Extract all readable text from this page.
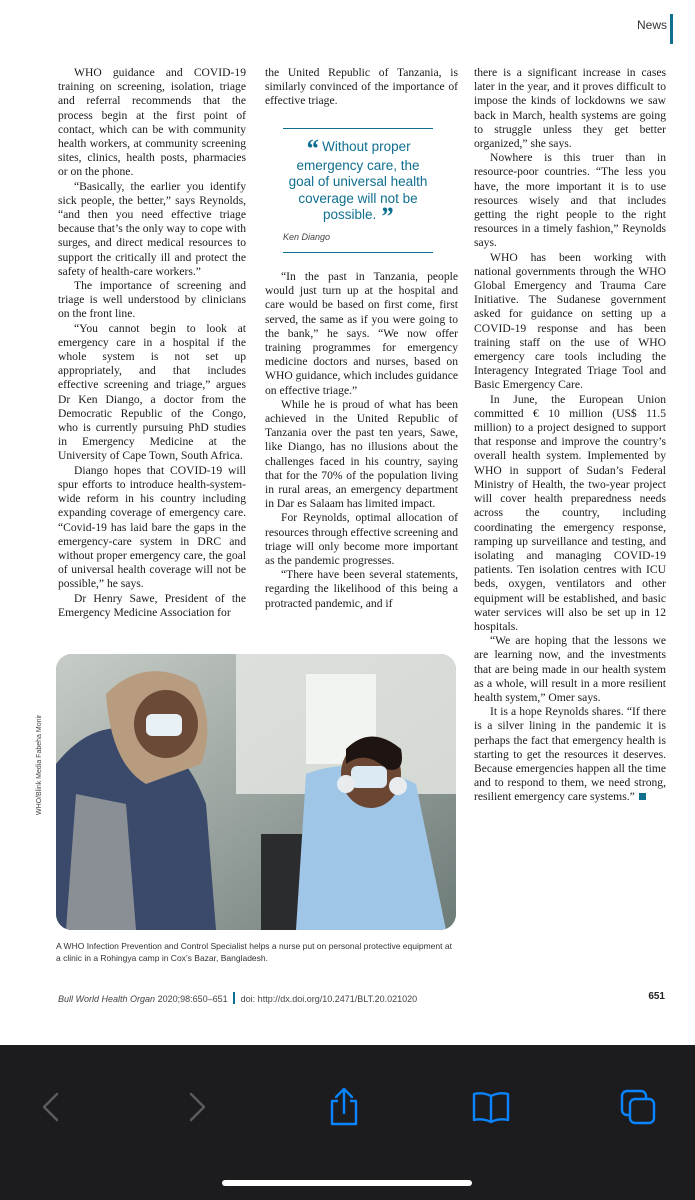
News

WHO guidance and COVID-19 training on screening, isolation, triage and referral recommends that the process begin at the first point of contact, which can be with community health workers, at community screening sites, clinics, health posts, pharmacies or on the phone.

“Basically, the earlier you identify sick people, the better,” says Reynolds, “and then you need effective triage because that’s the only way to cope with surges, and direct medical resources to support the critically ill and protect the safety of health-care workers.”

The importance of screening and triage is well understood by clinicians on the front line.

“You cannot begin to look at emergency care in a hospital if the whole system is not set up appropriately, and that includes effective screening and triage,” argues Dr Ken Diango, a doctor from the Democratic Republic of the Congo, who is currently pursuing PhD studies in Emergency Medicine at the University of Cape Town, South Africa.

Diango hopes that COVID-19 will spur efforts to introduce health-system-wide reform in his country including expanding coverage of emergency care. “Covid-19 has laid bare the gaps in the emergency-care system in DRC and without proper emergency care, the goal of universal health coverage will not be possible,” he says.

Dr Henry Sawe, President of the Emergency Medicine Association for

the United Republic of Tanzania, is similarly convinced of the importance of effective triage.

“ Without proper emergency care, the goal of universal health coverage will not be possible. ”
Ken Diango

“In the past in Tanzania, people would just turn up at the hospital and care would be based on first come, first served, the same as if you were going to the bank,” he says. “We now offer training programmes for emergency medicine doctors and nurses, based on WHO guidance, which includes guidance on effective triage.”

While he is proud of what has been achieved in the United Republic of Tanzania over the past ten years, Sawe, like Diango, has no illusions about the challenges faced in his country, saying that for the 70% of the population living in rural areas, an emergency department in Dar es Salaam has limited impact.

For Reynolds, optimal allocation of resources through effective screening and triage will only become more important as the pandemic progresses.

“There have been several statements, regarding the likelihood of this being a protracted pandemic, and if

there is a significant increase in cases later in the year, and it proves difficult to impose the kinds of lockdowns we saw back in March, health systems are going to struggle unless they get better organized,” she says.

Nowhere is this truer than in resource-poor countries. “The less you have, the more important it is to use resources wisely and that includes getting the right people to the right resources in a timely fashion,” Reynolds says.

WHO has been working with national governments through the WHO Global Emergency and Trauma Care Initiative. The Sudanese government asked for guidance on setting up a COVID-19 response and has been training staff on the use of WHO emergency care tools including the Interagency Integrated Triage Tool and Basic Emergency Care.

In June, the European Union committed € 10 million (US$ 11.5 million) to a project designed to support that response and improve the country’s overall health system. Implemented by WHO in support of Sudan’s Federal Ministry of Health, the two-year project will cover health preparedness needs across the country, including coordinating the emergency response, ramping up surveillance and testing, and isolating and managing COVID-19 patients. Ten isolation centres with ICU beds, oxygen, ventilators and other equipment will be established, and basic water services will also be set up in 12 hospitals.

“We are hoping that the lessons we are learning now, and the investments that are being made in our health system as a whole, will result in a more resilient health system,” Omer says.

It is a hope Reynolds shares. “If there is a silver lining in the pandemic it is perhaps the fact that emergency health is starting to get the resources it deserves. Because emergencies happen all the time and to respond to them, we need strong, resilient emergency care systems.”

WHO/Blink Media Fabeha Monir
A WHO Infection Prevention and Control Specialist helps a nurse put on personal protective equipment at a clinic in a Rohingya camp in Cox’s Bazar, Bangladesh.
Bull World Health Organ 2020;98:650–651 doi: http://dx.doi.org/10.2471/BLT.20.021020	651
